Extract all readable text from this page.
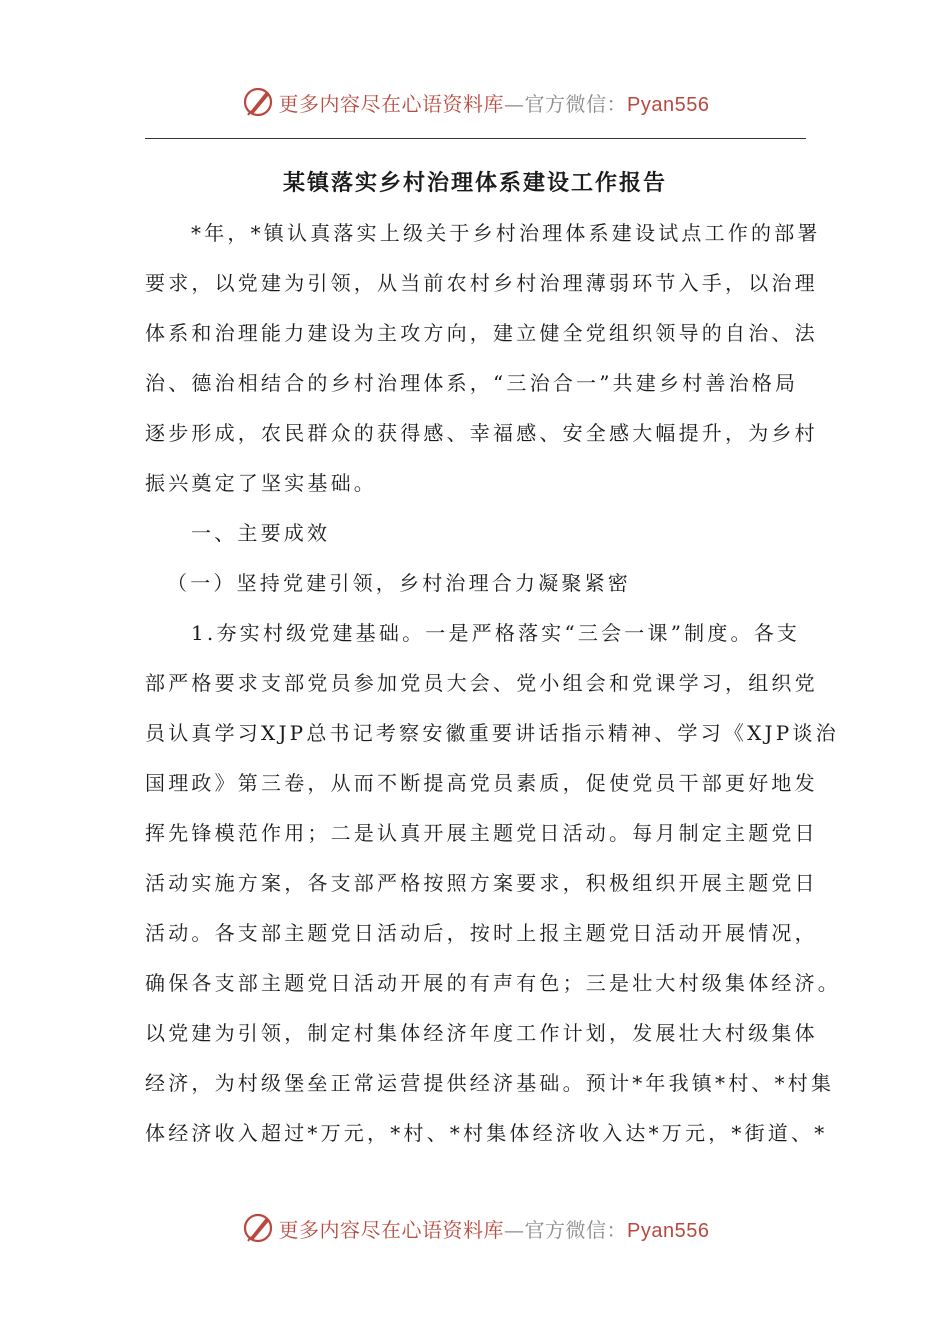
更多内容尽在心语资料库—官方微信：Pyan556
某镇落实乡村治理体系建设工作报告
*年，*镇认真落实上级关于乡村治理体系建设试点工作的部署
要求，以党建为引领，从当前农村乡村治理薄弱环节入手，以治理
体系和治理能力建设为主攻方向，建立健全党组织领导的自治、法
治、德治相结合的乡村治理体系，“三治合一”共建乡村善治格局
逐步形成，农民群众的获得感、幸福感、安全感大幅提升，为乡村
振兴奠定了坚实基础。
一、主要成效
（一）坚持党建引领，乡村治理合力凝聚紧密
1.夯实村级党建基础。一是严格落实“三会一课”制度。各支
部严格要求支部党员参加党员大会、党小组会和党课学习，组织党
员认真学习XJP总书记考察安徽重要讲话指示精神、学习《XJP谈治
国理政》第三卷，从而不断提高党员素质，促使党员干部更好地发
挥先锋模范作用；二是认真开展主题党日活动。每月制定主题党日
活动实施方案，各支部严格按照方案要求，积极组织开展主题党日
活动。各支部主题党日活动后，按时上报主题党日活动开展情况，
确保各支部主题党日活动开展的有声有色；三是壮大村级集体经济。
以党建为引领，制定村集体经济年度工作计划，发展壮大村级集体
经济，为村级堡垒正常运营提供经济基础。预计*年我镇*村、*村集
体经济收入超过*万元，*村、*村集体经济收入达*万元，*街道、*
更多内容尽在心语资料库—官方微信：Pyan556
